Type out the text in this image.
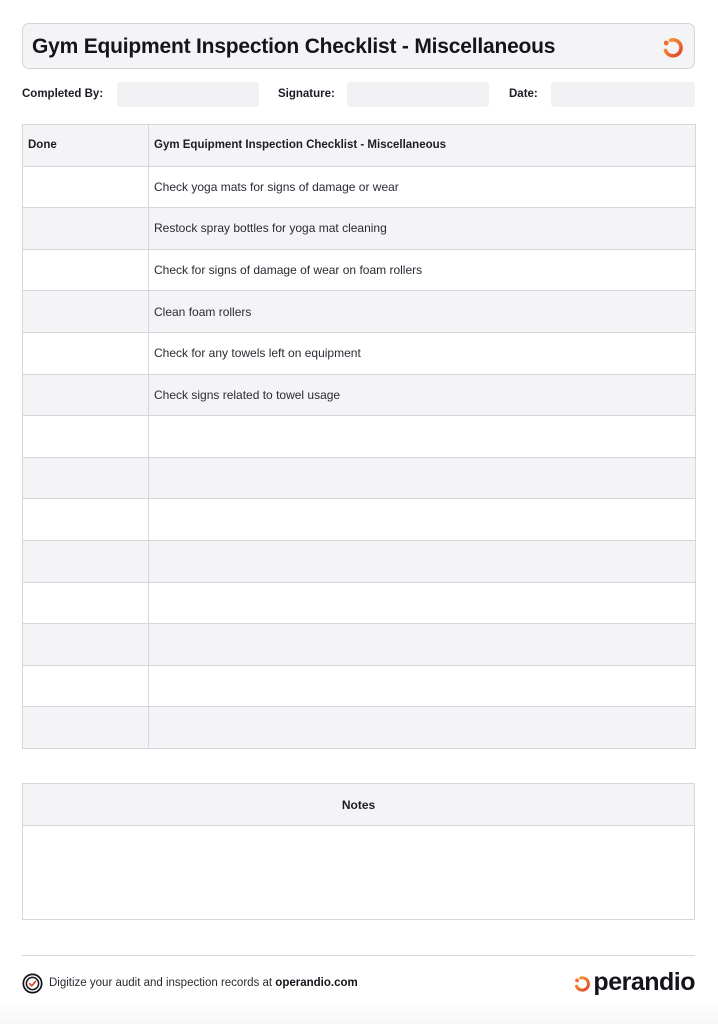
Gym Equipment Inspection Checklist - Miscellaneous
Completed By:	Signature:	Date:
Done	Gym Equipment Inspection Checklist - Miscellaneous
	Check yoga mats for signs of damage or wear
	Restock spray bottles for yoga mat cleaning
	Check for signs of damage of wear on foam rollers
	Clean foam rollers
	Check for any towels left on equipment
	Check signs related to towel usage

Notes
Digitize your audit and inspection records at operandio.com	perandio
